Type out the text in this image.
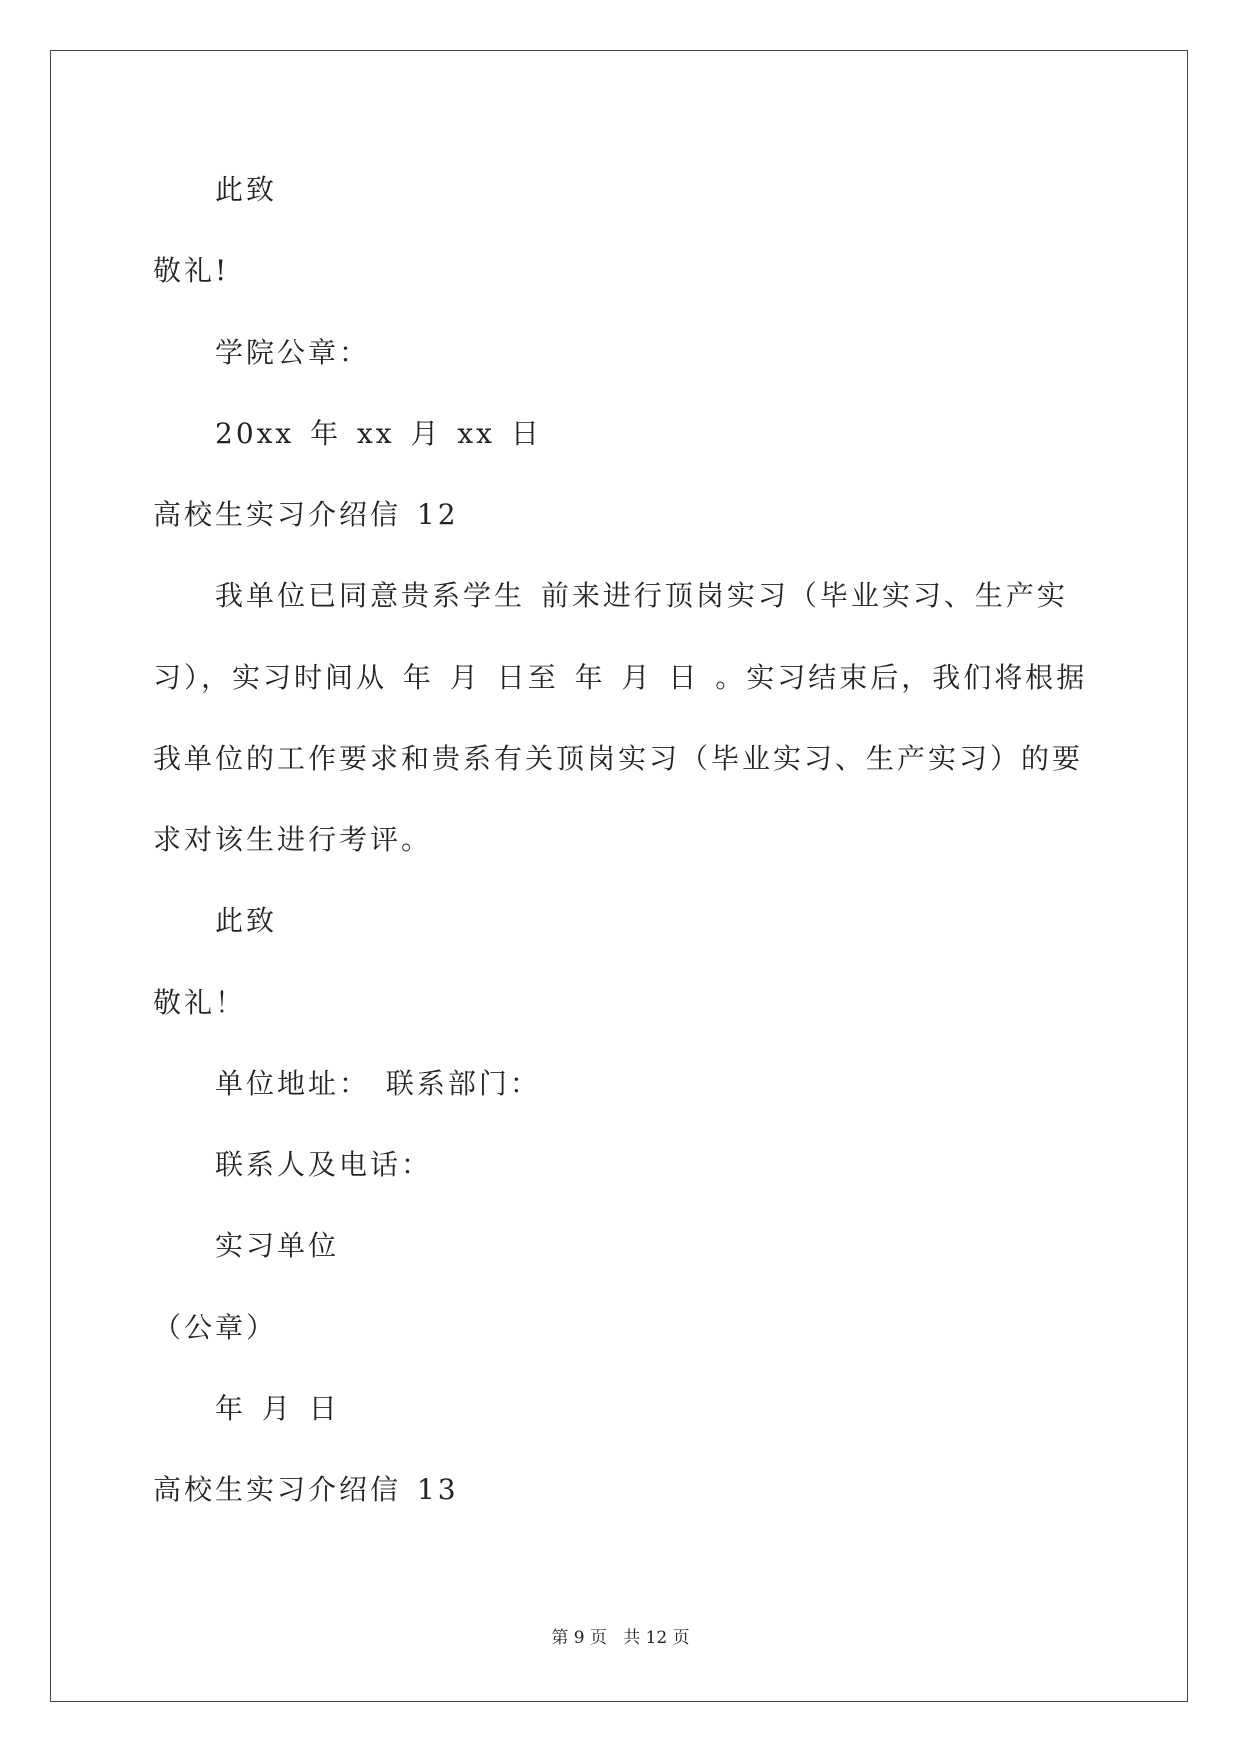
此致
敬礼!
学院公章：
20xx 年 xx 月 xx 日
高校生实习介绍信 12
我单位已同意贵系学生 前来进行顶岗实习（毕业实习、生产实
习），实习时间从 年 月 日至 年 月 日 。实习结束后，我们将根据
我单位的工作要求和贵系有关顶岗实习（毕业实习、生产实习）的要
求对该生进行考评。
此致
敬礼！
单位地址： 联系部门：
联系人及电话：
实习单位
（公章）
年 月 日
高校生实习介绍信 13
第 9 页   共 12 页
